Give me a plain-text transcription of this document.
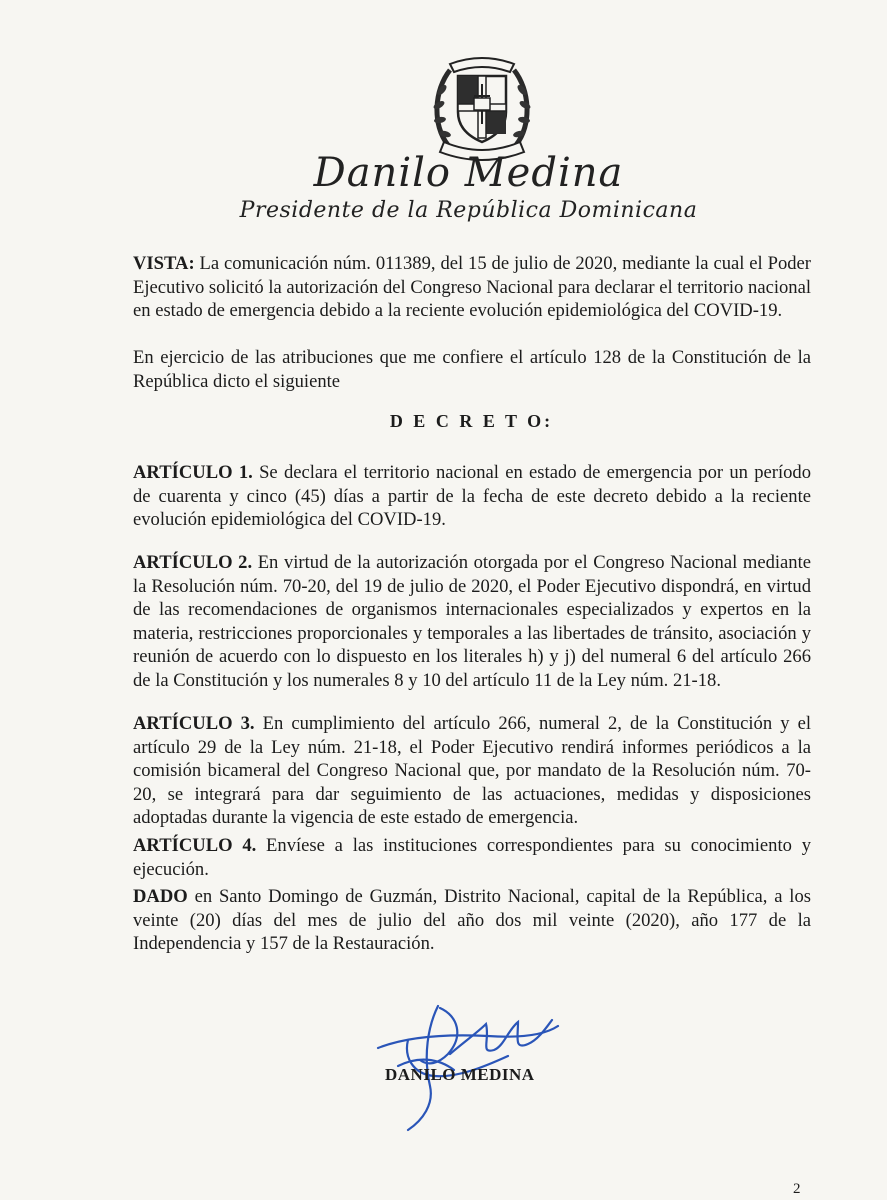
Danilo Medina
Presidente de la República Dominicana

VISTA: La comunicación núm. 011389, del 15 de julio de 2020, mediante la cual el Poder Ejecutivo solicitó la autorización del Congreso Nacional para declarar el territorio nacional en estado de emergencia debido a la reciente evolución epidemiológica del COVID-19.

En ejercicio de las atribuciones que me confiere el artículo 128 de la Constitución de la República dicto el siguiente

D E C R E T O:

ARTÍCULO 1. Se declara el territorio nacional en estado de emergencia por un período de cuarenta y cinco (45) días a partir de la fecha de este decreto debido a la reciente evolución epidemiológica del COVID-19.

ARTÍCULO 2. En virtud de la autorización otorgada por el Congreso Nacional mediante la Resolución núm. 70-20, del 19 de julio de 2020, el Poder Ejecutivo dispondrá, en virtud de las recomendaciones de organismos internacionales especializados y expertos en la materia, restricciones proporcionales y temporales a las libertades de tránsito, asociación y reunión de acuerdo con lo dispuesto en los literales h) y j) del numeral 6 del artículo 266 de la Constitución y los numerales 8 y 10 del artículo 11 de la Ley núm. 21-18.

ARTÍCULO 3. En cumplimiento del artículo 266, numeral 2, de la Constitución y el artículo 29 de la Ley núm. 21-18, el Poder Ejecutivo rendirá informes periódicos a la comisión bicameral del Congreso Nacional que, por mandato de la Resolución núm. 70-20, se integrará para dar seguimiento de las actuaciones, medidas y disposiciones adoptadas durante la vigencia de este estado de emergencia.

ARTÍCULO 4. Envíese a las instituciones correspondientes para su conocimiento y ejecución.

DADO en Santo Domingo de Guzmán, Distrito Nacional, capital de la República, a los veinte (20) días del mes de julio del año dos mil veinte (2020), año 177 de la Independencia y 157 de la Restauración.

DANILO MEDINA
2
